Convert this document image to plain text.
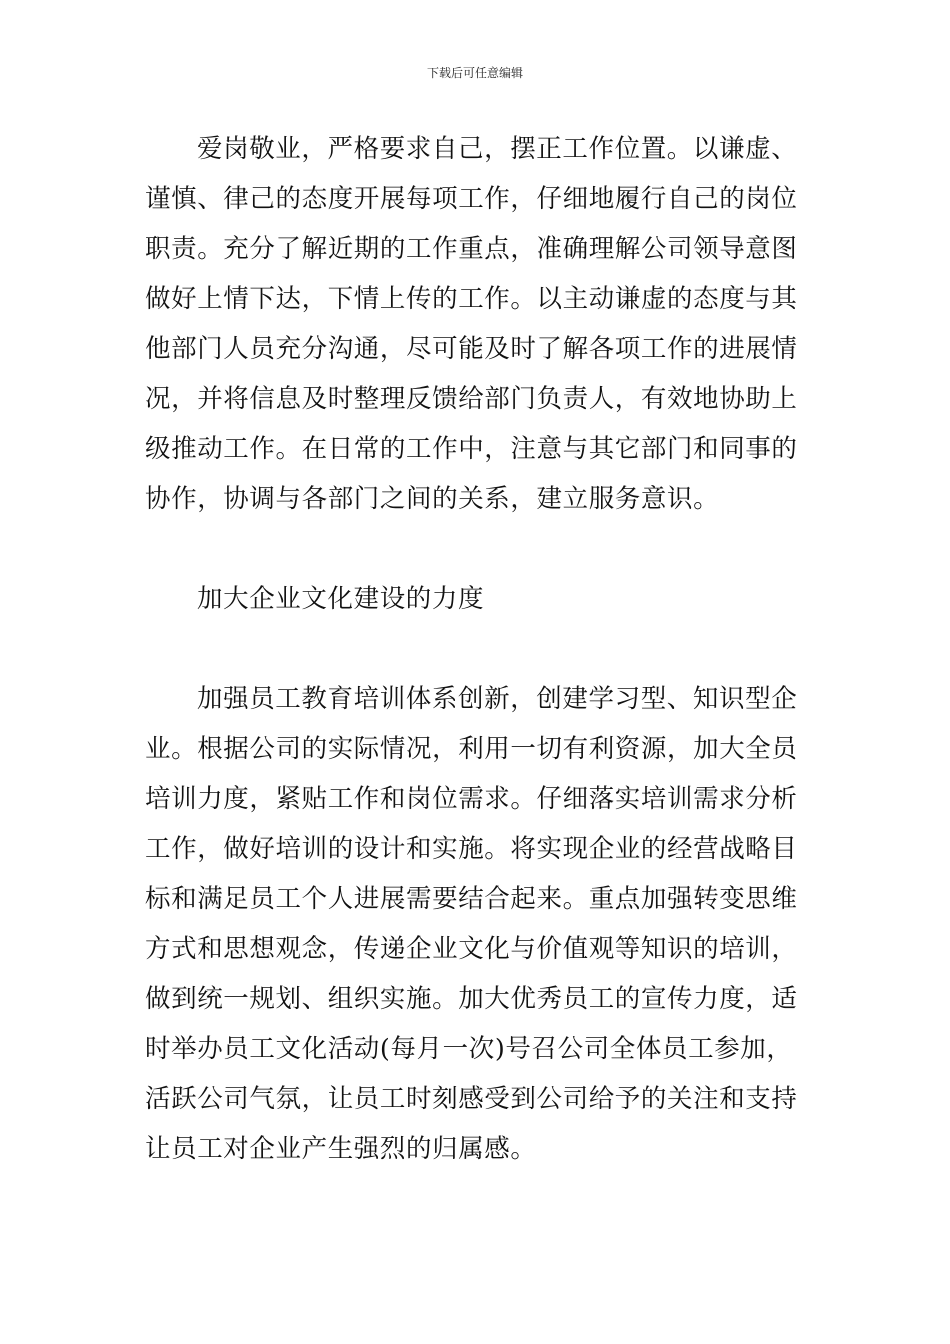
下载后可任意编辑
爱岗敬业，严格要求自己，摆正工作位置。以谦虚、
谨慎、律己的态度开展每项工作，仔细地履行自己的岗位
职责。充分了解近期的工作重点，准确理解公司领导意图
做好上情下达，下情上传的工作。以主动谦虚的态度与其
他部门人员充分沟通，尽可能及时了解各项工作的进展情
况，并将信息及时整理反馈给部门负责人，有效地协助上
级推动工作。在日常的工作中，注意与其它部门和同事的
协作，协调与各部门之间的关系，建立服务意识。
加大企业文化建设的力度
加强员工教育培训体系创新，创建学习型、知识型企
业。根据公司的实际情况，利用一切有利资源，加大全员
培训力度，紧贴工作和岗位需求。仔细落实培训需求分析
工作，做好培训的设计和实施。将实现企业的经营战略目
标和满足员工个人进展需要结合起来。重点加强转变思维
方式和思想观念，传递企业文化与价值观等知识的培训，
做到统一规划、组织实施。加大优秀员工的宣传力度，适
时举办员工文化活动(每月一次)号召公司全体员工参加，
活跃公司气氛，让员工时刻感受到公司给予的关注和支持
让员工对企业产生强烈的归属感。
